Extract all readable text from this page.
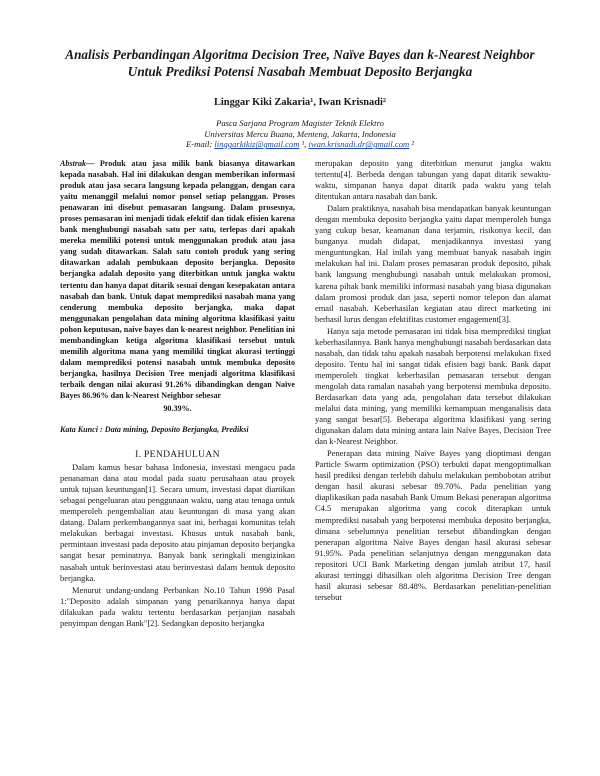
Analisis Perbandingan Algoritma Decision Tree, Naïve Bayes dan k-Nearest Neighbor Untuk Prediksi Potensi Nasabah Membuat Deposito Berjangka
Linggar Kiki Zakaria¹, Iwan Krisnadi²
Pasca Sarjana Program Magister Teknik Elektro
Universitas Mercu Buana, Menteng, Jakarta, Indonesia
E-mail: linggarkikiz@gmail.com ¹, iwan.krisnadi.dr@gmail.com ²

Abstrak— Produk atau jasa milik bank biasanya ditawarkan kepada nasabah. Hal ini dilakukan dengan memberikan informasi produk atau jasa secara langsung kepada pelanggan, dengan cara yaitu menanggil melalui nomor ponsel setiap pelanggan. Proses penawaran ini disebut pemasaran langsung. Dalam prosesnya, proses pemasaran ini menjadi tidak efektif dan tidak efisien karena bank menghubungi nasabah satu per satu, terlepas dari apakah mereka memiliki potensi untuk menggunakan produk atau jasa yang sudah ditawarkan. Salah satu contoh produk yang sering ditawarkan adalah pembukaan deposito berjangka. Deposito berjangka adalah deposito yang diterbitkan untuk jangka waktu tertentu dan hanya dapat ditarik sesuai dengan kesepakatan antara nasabah dan bank. Untuk dapat memprediksi nasabah mana yang cenderung membuka deposito berjangka, maka dapat menggunakan pengolahan data mining algoritma klasifikasi yaitu pohon keputusan, naive bayes dan k-nearest neighbor. Penelitian ini membandingkan ketiga algoritma klasifikasi tersebut untuk memilih algoritma mana yang memiliki tingkat akurasi tertinggi dalam memprediksi potensi nasabah untuk membuka deposito berjangka, hasilnya Decision Tree menjadi algoritma klasifikasi terbaik dengan nilai akurasi 91.26% dibandingkan dengan Naïve Bayes 86.96% dan k-Nearest Neighbor sebesar
90.39%.

Kata Kunci : Data mining, Deposito Berjangka, Prediksi

I. PENDAHULUAN

Dalam kamus besar bahasa Indonesia, investasi mengacu pada penanaman dana atau modal pada suatu perusahaan atau proyek untuk tujuan keuntungan[1]. Secara umum, investasi dapat diartikan sebagai pengeluaran atau penggunaan waktu, uang atau tenaga untuk memperoleh pengembalian atau keuntungan di masa yang akan datang. Dalam perkembangannya saat ini, berbagai komunitas telah melakukan berbagai investasi. Khusus untuk nasabah bank, permintaan investasi pada deposito atau pinjaman deposito berjangka sangat besar peminatnya. Banyak bank seringkali mengizinkan nasabah untuk berinvestasi atau berinvestasi dalam bentuk deposito berjangka.

Menurut undang-undang Perbankan No.10 Tahun 1998 Pasal 1:"Deposito adalah simpanan yang penarikannya hanya dapat dilakukan pada waktu tertentu berdasarkan perjanjian nasabah penyimpan dengan Bank"[2]. Sedangkan deposito berjangka

merupakan deposito yang diterbitkan menurut jangka waktu tertentu[4]. Berbeda dengan tabungan yang dapat ditarik sewaktu-waktu, simpanan hanya dapat ditarik pada waktu yang telah ditentukan antara nasabah dan bank.

Dalam praktiknya, nasabah bisa mendapatkan banyak keuntungan dengan membuka deposito berjangka yaitu dapat memperoleh bunga yang cukup besar, keamanan dana terjamin, risikonya kecil, dan bunganya mudah didapat, menjadikannya investasi yang menguntungkan. Hal inilah yang membuat banyak nasabah ingin melakukan hal ini. Dalam proses pemasaran produk deposito, pihak bank langsung menghubungi nasabah untuk melakukan promosi, karena pihak bank memiliki informasi nasabah yang biasa digunakan dalam promosi produk dan jasa, seperti nomor telepon dan alamat email nasabah. Keberhasilan kegiatan atau direct marketing ini berhasil lurus dengan efektifitas customer engagement[3].

Hanya saja metode pemasaran ini tidak bisa memprediksi tingkat keberhasilannya. Bank hanya menghubungi nasabah berdasarkan data nasabah, dan tidak tahu apakah nasabah berpotensi melakukan fixed deposito. Tentu hal ini sangat tidak efisien bagi bank. Bank dapat memperoleh tingkat keberhasilan pemasaran tersebut dengan mengolah data ramalan nasabah yang berpotensi membuka deposito. Berdasarkan data yang ada, pengolahan data tersebut dilakukan melalui data mining, yang memiliki kemampuan menganalisis data yang sangat besar[5]. Beberapa algoritma klasifikasi yang sering digunakan dalam data mining antara lain Naïve Bayes, Decision Tree dan k-Nearest Neighbor.

Penerapan data mining Naïve Bayes yang dioptimasi dengan Particle Swarm optimization (PSO) terbukti dapat mengoptimalkan hasil prediksi dengan terlebih dahulu melakukan pembobotan atribut dengan hasil akurasi sebesar 89.70%. Pada penelitian yang diaplikasikan pada nasabah Bank Umum Bekasi penerapan algoritma C4.5 merupakan algoritma yang cocok diterapkan untuk memprediksi nasabah yang berpotensi membuka deposito berjangka, dimana sebelumnya penelitian tersebut dibandingkan dengan penerapan algoritma Naïve Bayes dengan hasil akurasi sebesar 91.95%. Pada penelitian selanjutnya dengan menggunakan data repositori UCI Bank Marketing dengan jumlah atribut 17, hasil akurasi tertinggi dihasilkan oleh algoritma Decision Tree dengan hasil akurasi sebesar 88.48%. Berdasarkan penelitian-penelitian tersebut
